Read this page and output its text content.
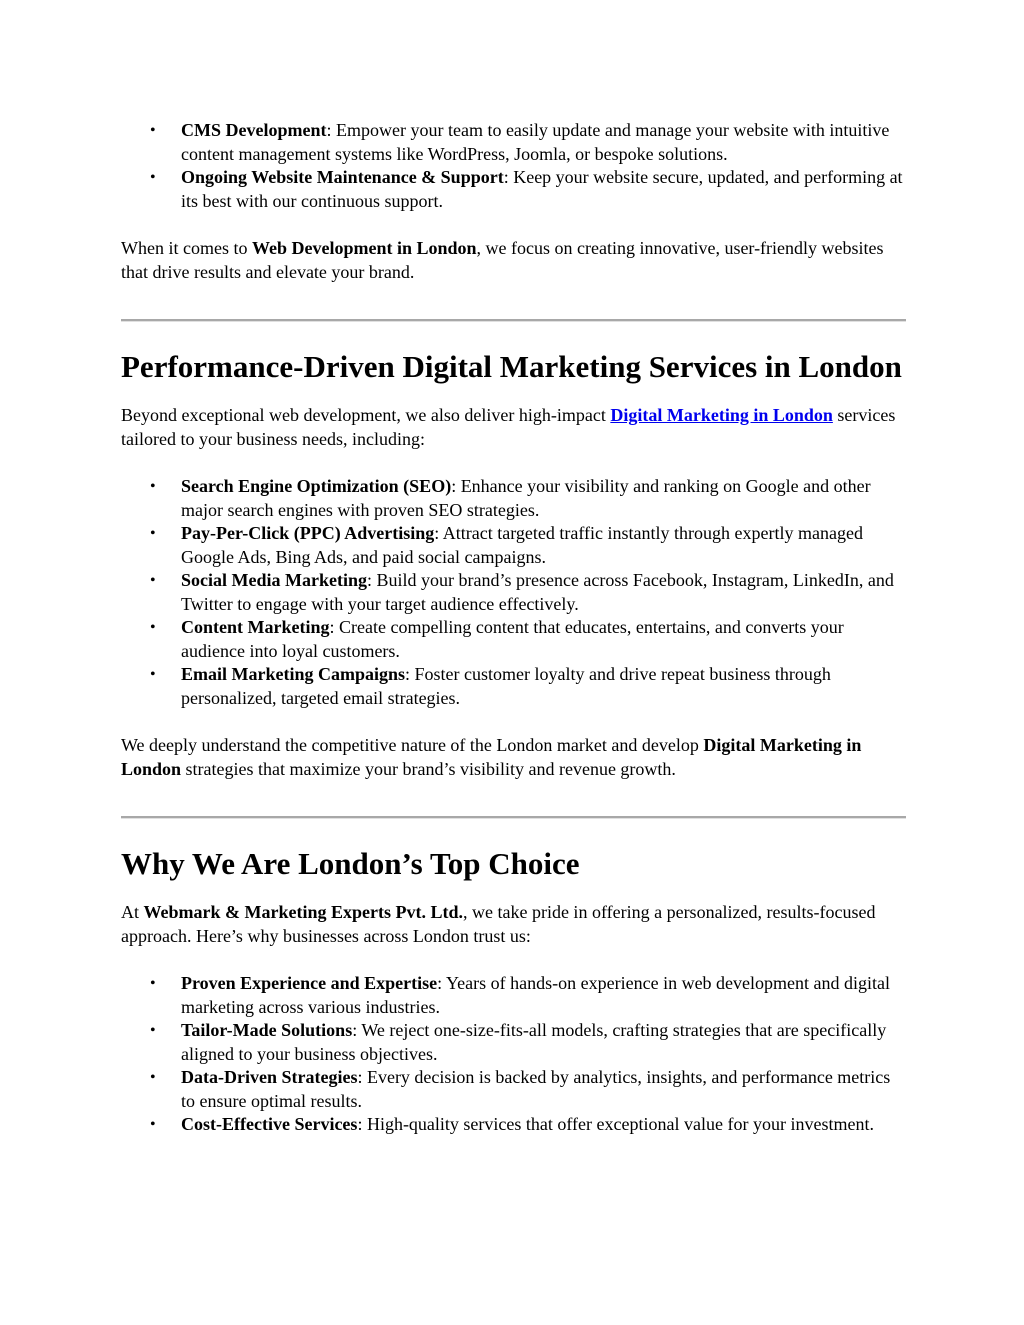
• CMS Development: Empower your team to easily update and manage your website with intuitive content management systems like WordPress, Joomla, or bespoke solutions.
• Ongoing Website Maintenance & Support: Keep your website secure, updated, and performing at its best with our continuous support.

When it comes to Web Development in London, we focus on creating innovative, user-friendly websites that drive results and elevate your brand.

Performance-Driven Digital Marketing Services in London

Beyond exceptional web development, we also deliver high-impact Digital Marketing in London services tailored to your business needs, including:

• Search Engine Optimization (SEO): Enhance your visibility and ranking on Google and other major search engines with proven SEO strategies.
• Pay-Per-Click (PPC) Advertising: Attract targeted traffic instantly through expertly managed Google Ads, Bing Ads, and paid social campaigns.
• Social Media Marketing: Build your brand’s presence across Facebook, Instagram, LinkedIn, and Twitter to engage with your target audience effectively.
• Content Marketing: Create compelling content that educates, entertains, and converts your audience into loyal customers.
• Email Marketing Campaigns: Foster customer loyalty and drive repeat business through personalized, targeted email strategies.

We deeply understand the competitive nature of the London market and develop Digital Marketing in London strategies that maximize your brand’s visibility and revenue growth.

Why We Are London’s Top Choice

At Webmark & Marketing Experts Pvt. Ltd., we take pride in offering a personalized, results-focused approach. Here’s why businesses across London trust us:

• Proven Experience and Expertise: Years of hands-on experience in web development and digital marketing across various industries.
• Tailor-Made Solutions: We reject one-size-fits-all models, crafting strategies that are specifically aligned to your business objectives.
• Data-Driven Strategies: Every decision is backed by analytics, insights, and performance metrics to ensure optimal results.
• Cost-Effective Services: High-quality services that offer exceptional value for your investment.
